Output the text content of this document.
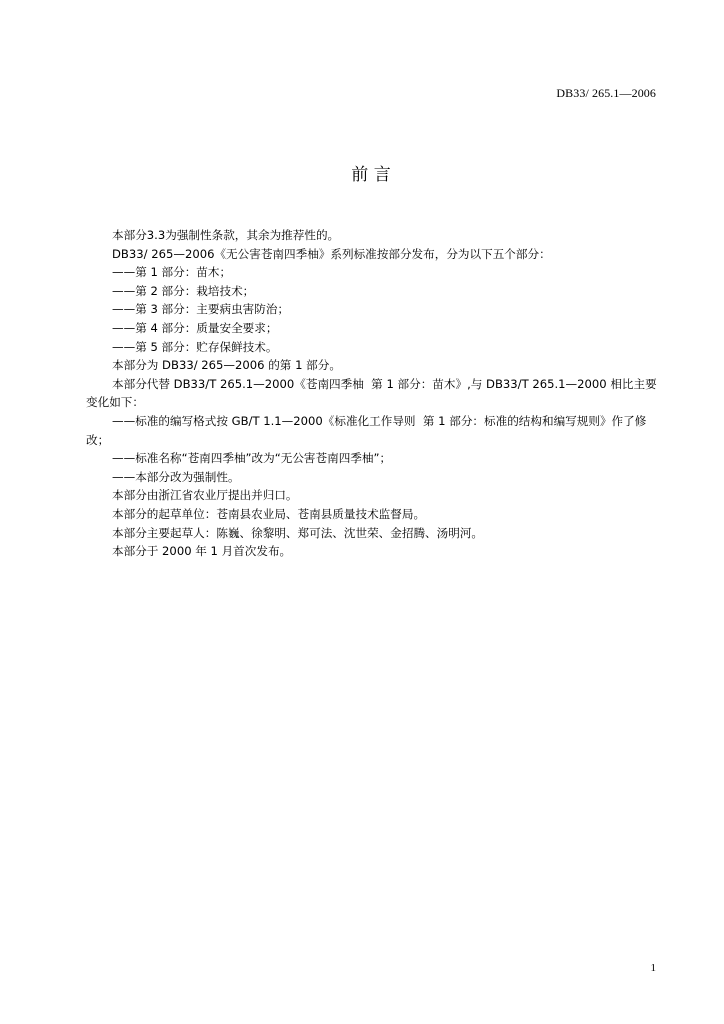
DB33/ 265.1—2006
前 言

本部分3.3为强制性条款，其余为推荐性的。

DB33/ 265—2006《无公害苍南四季柚》系列标准按部分发布，分为以下五个部分：

——第 1 部分：苗木；

——第 2 部分：栽培技术；

——第 3 部分：主要病虫害防治；

——第 4 部分：质量安全要求；

——第 5 部分：贮存保鲜技术。

本部分为 DB33/ 265—2006 的第 1 部分。

本部分代替 DB33/T 265.1—2000《苍南四季柚  第 1 部分：苗木》,与 DB33/T 265.1—2000 相比主要变化如下：

——标准的编写格式按 GB/T 1.1—2000《标准化工作导则  第 1 部分：标准的结构和编写规则》作了修改；

——标准名称“苍南四季柚”改为“无公害苍南四季柚”；

——本部分改为强制性。

本部分由浙江省农业厅提出并归口。

本部分的起草单位：苍南县农业局、苍南县质量技术监督局。

本部分主要起草人：陈巍、徐黎明、郑可法、沈世荣、金招腾、汤明河。

本部分于 2000 年 1 月首次发布。

1
